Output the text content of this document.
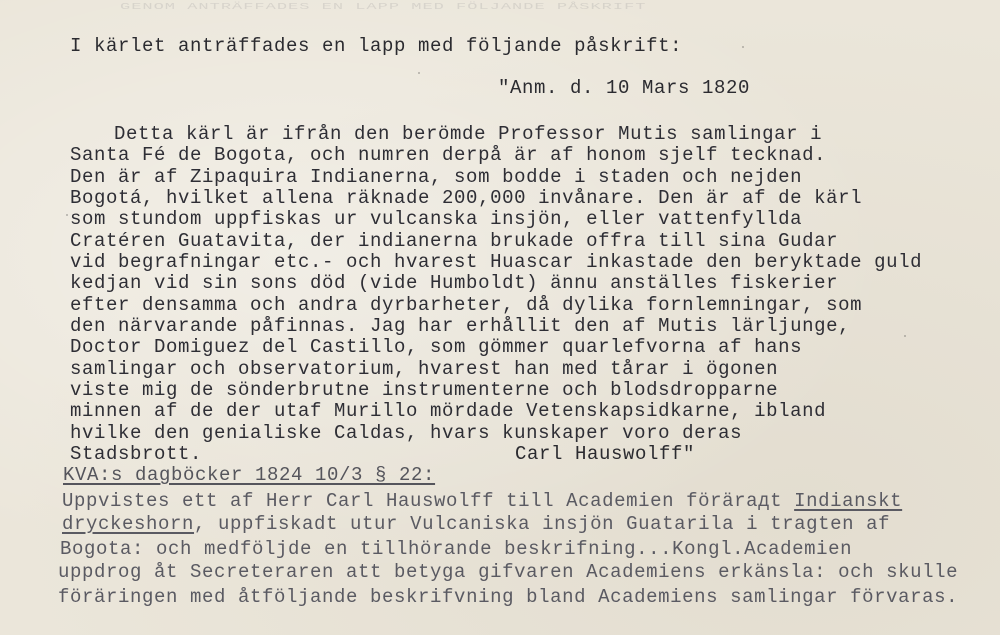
GENOM ANTRÄFFADES EN LAPP MED FÖLJANDE PÅSKRIFT
I kärlet anträffades en lapp med följande påskrift:
"Anm. d. 10 Mars 1820
Detta kärl är ifrån den berömde Professor Mutis samlingar i
Santa Fé de Bogota, och numren derpå är af honom sjelf tecknad.
Den är af Zipaquira Indianerna, som bodde i staden och nejden
Bogotá, hvilket allena räknade 200,000 invånare. Den är af de kärl
som stundom uppfiskas ur vulcanska insjön, eller vattenfyllda
Cratéren Guatavita, der indianerna brukade offra till sina Gudar
vid begrafningar etc.- och hvarest Huascar inkastade den beryktade guld
kedjan vid sin sons död (vide Humboldt) ännu anställes fiskerier
efter densamma och andra dyrbarheter, då dylika fornlemningar, som
den närvarande påfinnas. Jag har erhållit den af Mutis lärljunge,
Doctor Domiguez del Castillo, som gömmer quarlefvorna af hans
samlingar och observatorium, hvarest han med tårar i ögonen
viste mig de sönderbrutne instrumenterne och blodsdropparne
minnen af de der utaf Murillo mördade Vetenskapsidkarne, ibland
hvilke den genialiske Caldas, hvars kunskaper voro deras
Stadsbrott.	Carl Hauswolff"
KVA:s dagböcker 1824 10/3 § 22:
Uppvistes ett af Herr Carl Hauswolff till Academien förärадt Indianskt
dryckeshorn, uppfiskadt utur Vulcaniska insjön Guatarila i tragten af
Bogota: och medföljde en tillhörande beskrifning...Kongl.Academien
uppdrog åt Secreteraren att betyga gifvaren Academiens erkänsla: och skulle
föräringen med åtföljande beskrifvning bland Academiens samlingar förvaras.
